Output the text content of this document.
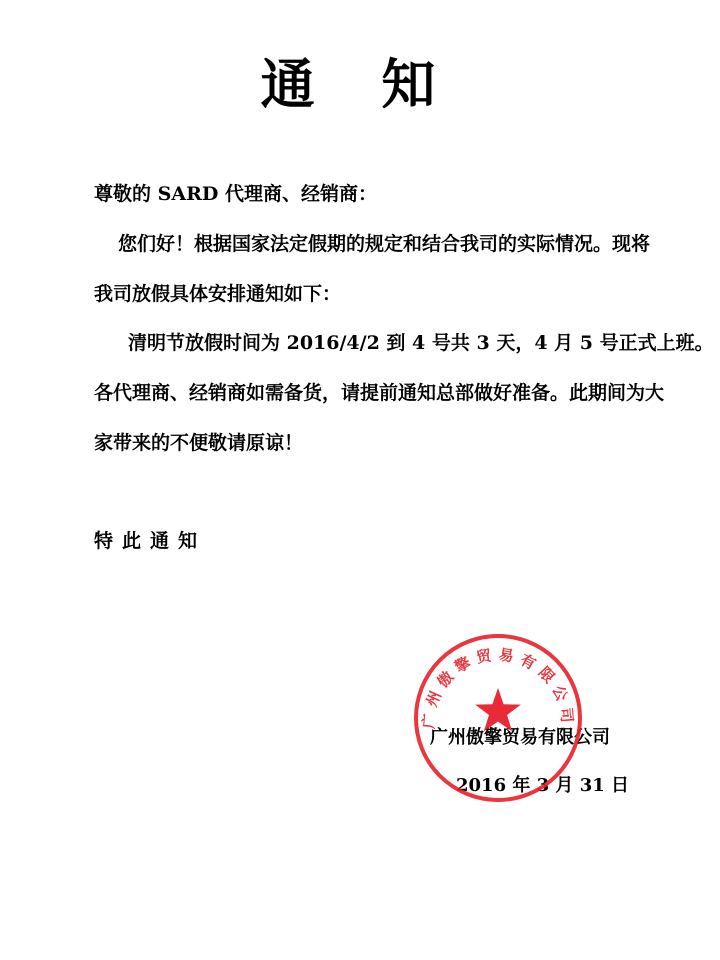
通 知
尊敬的 SARD 代理商、经销商：
您们好！根据国家法定假期的规定和结合我司的实际情况。现将
我司放假具体安排通知如下：
清明节放假时间为 2016/4/2 到 4 号共 3 天，4 月 5 号正式上班。
各代理商、经销商如需备货，请提前通知总部做好准备。此期间为大
家带来的不便敬请原谅！
特此通知
广州傲擎贸易有限公司
2016 年 3 月 31 日
广州傲擎贸易有限公司
